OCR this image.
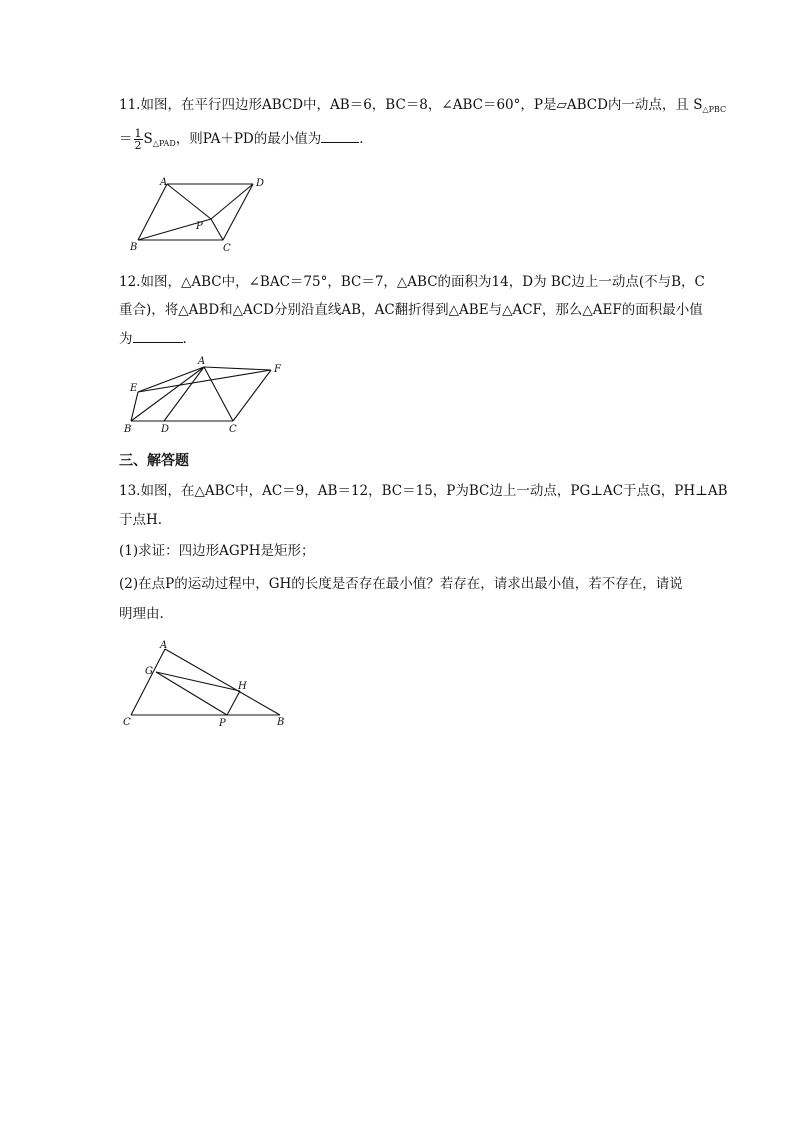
11.如图，在平行四边形ABCD中，AB＝6，BC＝8，∠ABC＝60°，P是▱ABCD内一动点，且 $S_{\triangle PBC}$
＝ $\frac{1}{2} S_{\triangle PAD}$，则PA＋PD的最小值为	.
A	D
P
B	C
12.如图，△ABC中，∠BAC＝75°，BC＝7，△ABC的面积为14，D为 BC边上一动点(不与B，C
重合)，将△ABD和△ACD分别沿直线AB，AC翻折得到△ABE与△ACF，那么△AEF的面积最小值
为	.
A
E
F
B	D	C
三、解答题
13.如图，在△ABC中，AC＝9，AB＝12，BC＝15，P为BC边上一动点，PG⊥AC于点G，PH⊥AB
于点H.
(1)求证：四边形AGPH是矩形；
(2)在点P的运动过程中，GH的长度是否存在最小值？若存在，请求出最小值，若不存在，请说
明理由.
A
G
H
C	P	B
